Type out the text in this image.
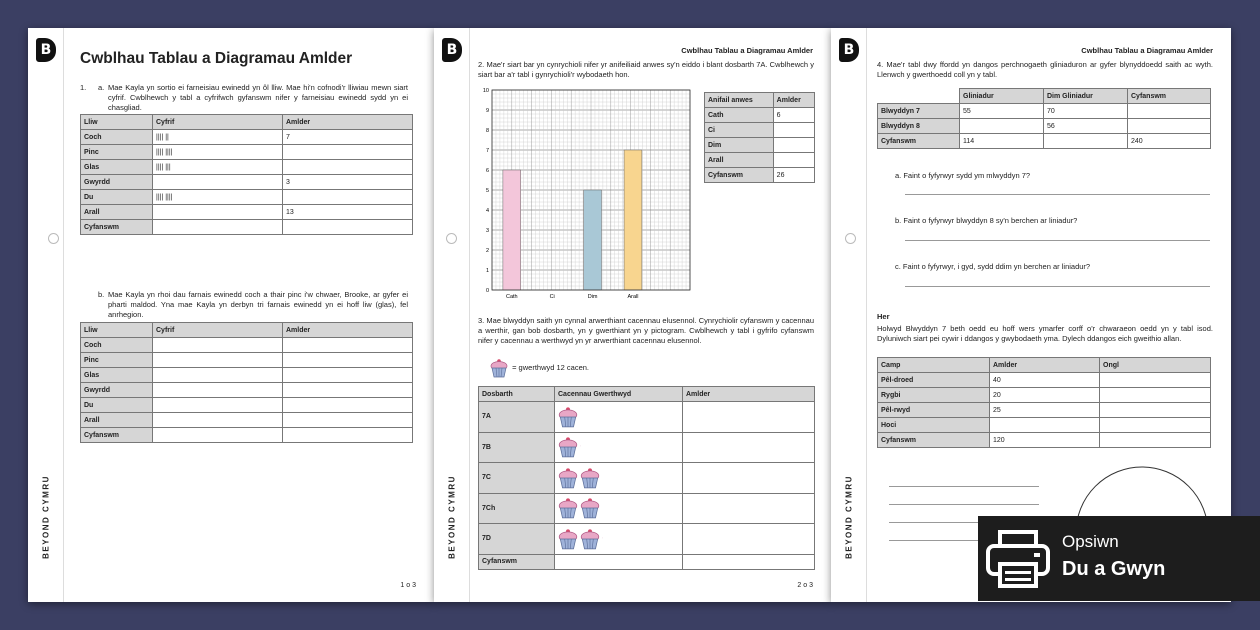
B
BEYOND CYMRU
Cwblhau Tablau a Diagramau Amlder
1. a. Mae Kayla yn sortio ei farneisiau ewinedd yn ôl lliw. Mae hi'n cofnodi'r lliwiau mewn siart cyfrif. Cwblhewch y tabl a cyfrifwch gyfanswm nifer y farneisiau ewinedd sydd yn ei chasgliad.
Lliw	Cyfrif	Amlder
Coch	|||| ||	7
Pinc	|||| ||||	
Glas	|||| |||	
Gwyrdd		3
Du	|||| ||||	
Arall		13
Cyfanswm		
b. Mae Kayla yn rhoi dau farnais ewinedd coch a thair pinc i'w chwaer, Brooke, ar gyfer ei pharti maldod. Yna mae Kayla yn derbyn tri farnais ewinedd yn ei hoff liw (glas), fel anrhegion.
Lliw	Cyfrif	Amlder
Coch		
Pinc		
Glas		
Gwyrdd		
Du		
Arall		
Cyfanswm		
1 o 3
B
BEYOND CYMRU
Cwblhau Tablau a Diagramau Amlder
2. Mae'r siart bar yn cynrychioli nifer yr anifeiliaid anwes sy'n eiddo i blant dosbarth 7A. Cwblhewch y siart bar a'r tabl i gynrychioli'r wybodaeth hon.
0
1
2
3
4
5
6
7
8
9
10
Cath	Ci	Dim	Arall
Anifail anwes	Amlder
Cath	6
Ci	
Dim	
Arall	
Cyfanswm	26
3. Mae blwyddyn saith yn cynnal arwerthiant cacennau elusennol. Cynrychiolir cyfanswm y cacennau a werthir, gan bob dosbarth, yn y gwerthiant yn y pictogram. Cwblhewch y tabl i gyfrifo cyfanswm nifer y cacennau a werthwyd yn yr arwerthiant cacennau elusennol.
= gwerthwyd 12 cacen.
Dosbarth	Cacennau Gwerthwyd	Amlder
7A		
7B		
7C		
7Ch		
7D		
Cyfanswm		
2 o 3
B
BEYOND CYMRU
Cwblhau Tablau a Diagramau Amlder
4. Mae'r tabl dwy ffordd yn dangos perchnogaeth gliniaduron ar gyfer blynyddoedd saith ac wyth. Llenwch y gwerthoedd coll yn y tabl.
	Gliniadur	Dim Gliniadur	Cyfanswm
Blwyddyn 7	55	70	
Blwyddyn 8		56	
Cyfanswm	114		240
a. Faint o fyfyrwyr sydd ym mlwyddyn 7?
b. Faint o fyfyrwyr blwyddyn 8 sy'n berchen ar liniadur?
c. Faint o fyfyrwyr, i gyd, sydd ddim yn berchen ar liniadur?
Her
Holwyd Blwyddyn 7 beth oedd eu hoff wers ymarfer corff o'r chwaraeon oedd yn y tabl isod. Dyluniwch siart pei cywir i ddangos y gwybodaeth yma. Dylech ddangos eich gweithio allan.
Camp	Amlder	Ongl
Pêl-droed	40	
Rygbi	20	
Pêl-rwyd	25	
Hoci		
Cyfanswm	120	
Opsiwn
Du a Gwyn
